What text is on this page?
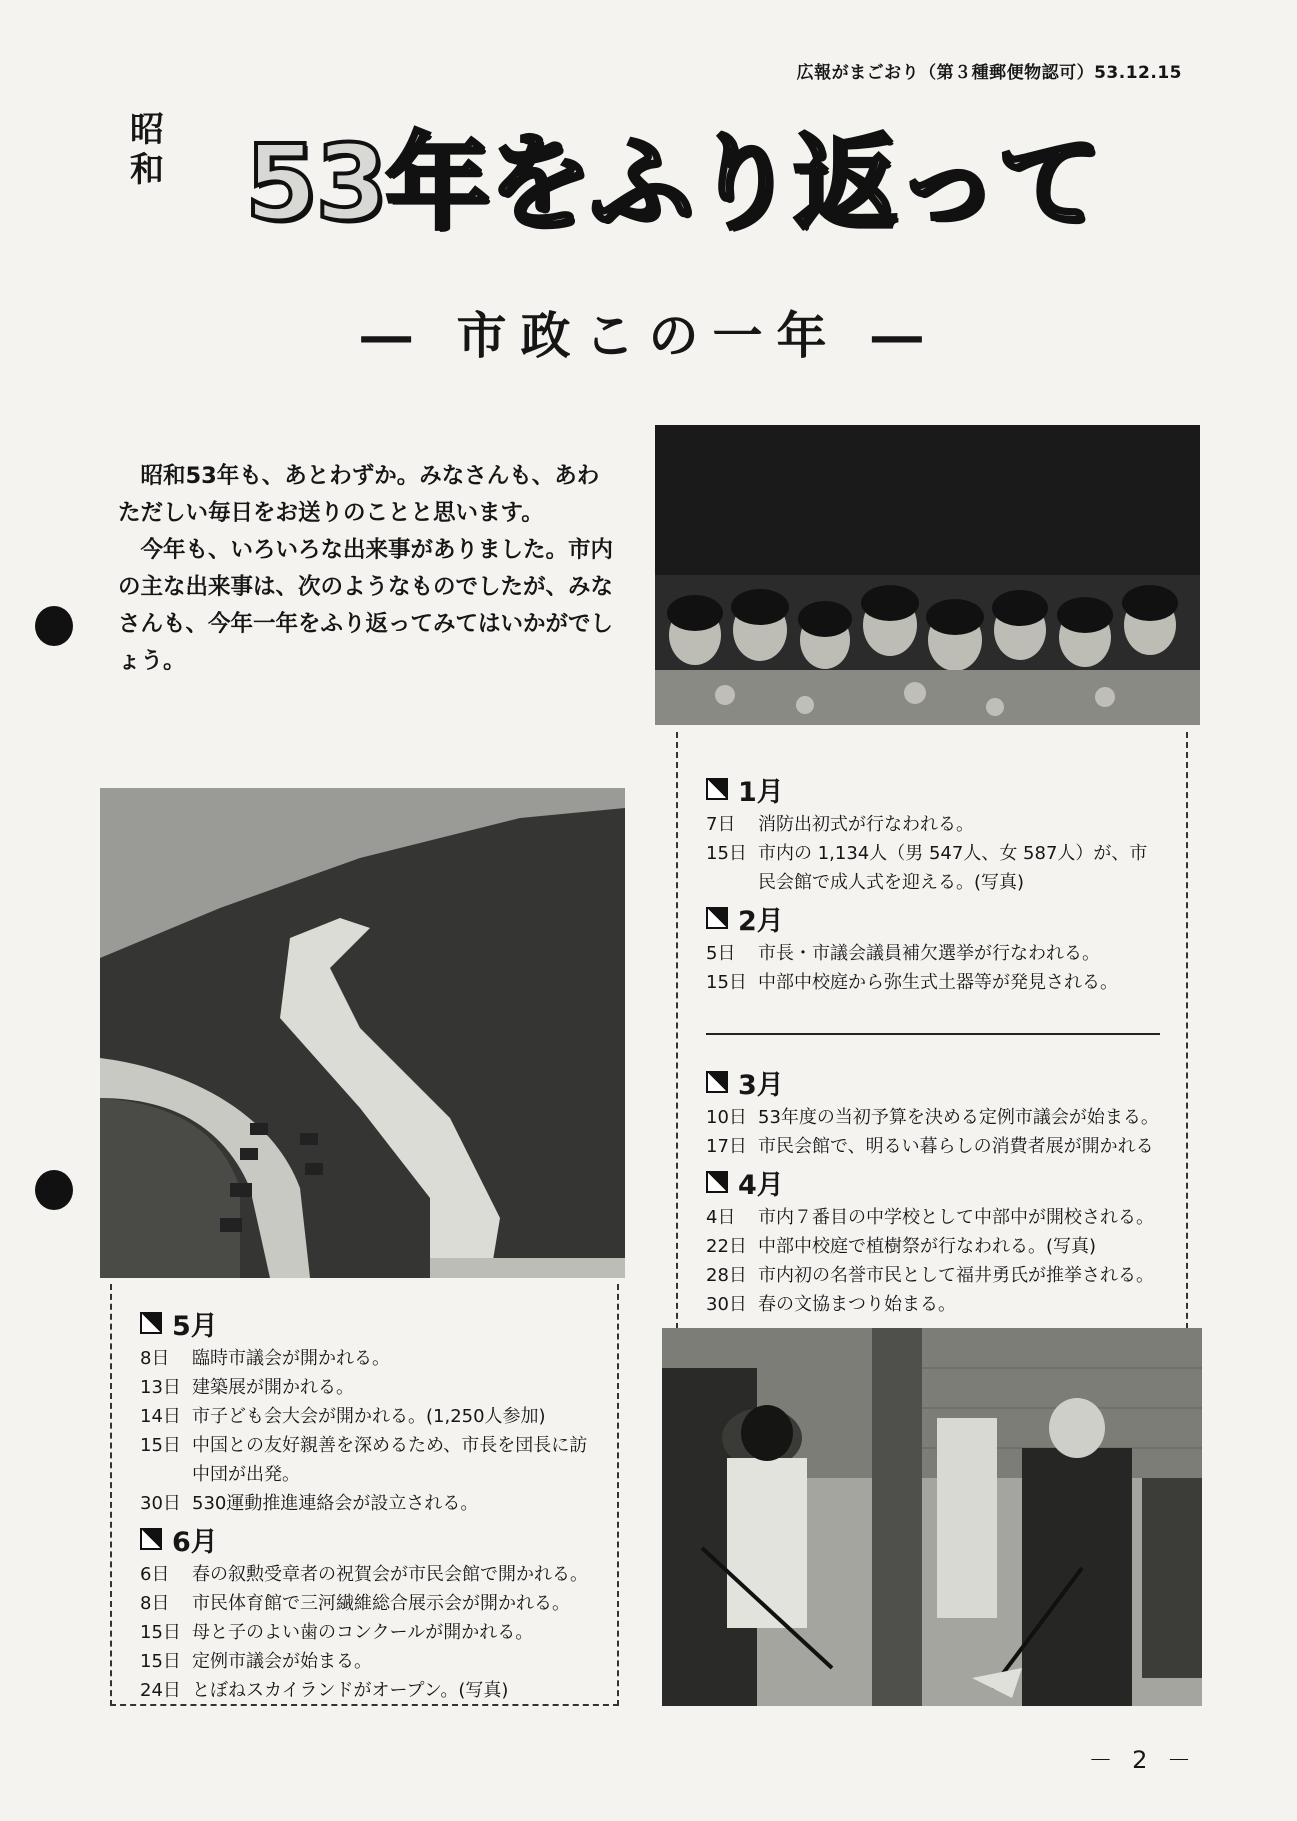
広報がまごおり（第３種郵便物認可）53.12.15
昭
和 53年をふり返って
― 市政この一年 ―
　昭和53年も、あとわずか。みなさんも、あわただしい毎日をお送りのことと思います。
　今年も、いろいろな出来事がありました。市内の主な出来事は、次のようなものでしたが、みなさんも、今年一年をふり返ってみてはいかがでしょう。
1月
7日	消防出初式が行なわれる。
15日 市内の 1,134人（男 547人、女 587人）が、市民会館で成人式を迎える。(写真)
2月
5日	市長・市議会議員補欠選挙が行なわれる。
15日 中部中校庭から弥生式土器等が発見される。
3月
10日 53年度の当初予算を決める定例市議会が始まる。
17日 市民会館で、明るい暮らしの消費者展が開かれる
4月
4日	市内７番目の中学校として中部中が開校される。
22日 中部中校庭で植樹祭が行なわれる。(写真)
28日 市内初の名誉市民として福井勇氏が推挙される。
30日 春の文協まつり始まる。
5月
8日	臨時市議会が開かれる。
13日 建築展が開かれる。
14日 市子ども会大会が開かれる。(1,250人参加)
15日 中国との友好親善を深めるため、市長を団長に訪中団が出発。
30日 530運動推進連絡会が設立される。
6月
6日	春の叙勲受章者の祝賀会が市民会館で開かれる。
8日	市民体育館で三河繊維総合展示会が開かれる。
15日 母と子のよい歯のコンクールが開かれる。
15日 定例市議会が始まる。
24日 とぼねスカイランドがオープン。(写真)
－ 2 －
